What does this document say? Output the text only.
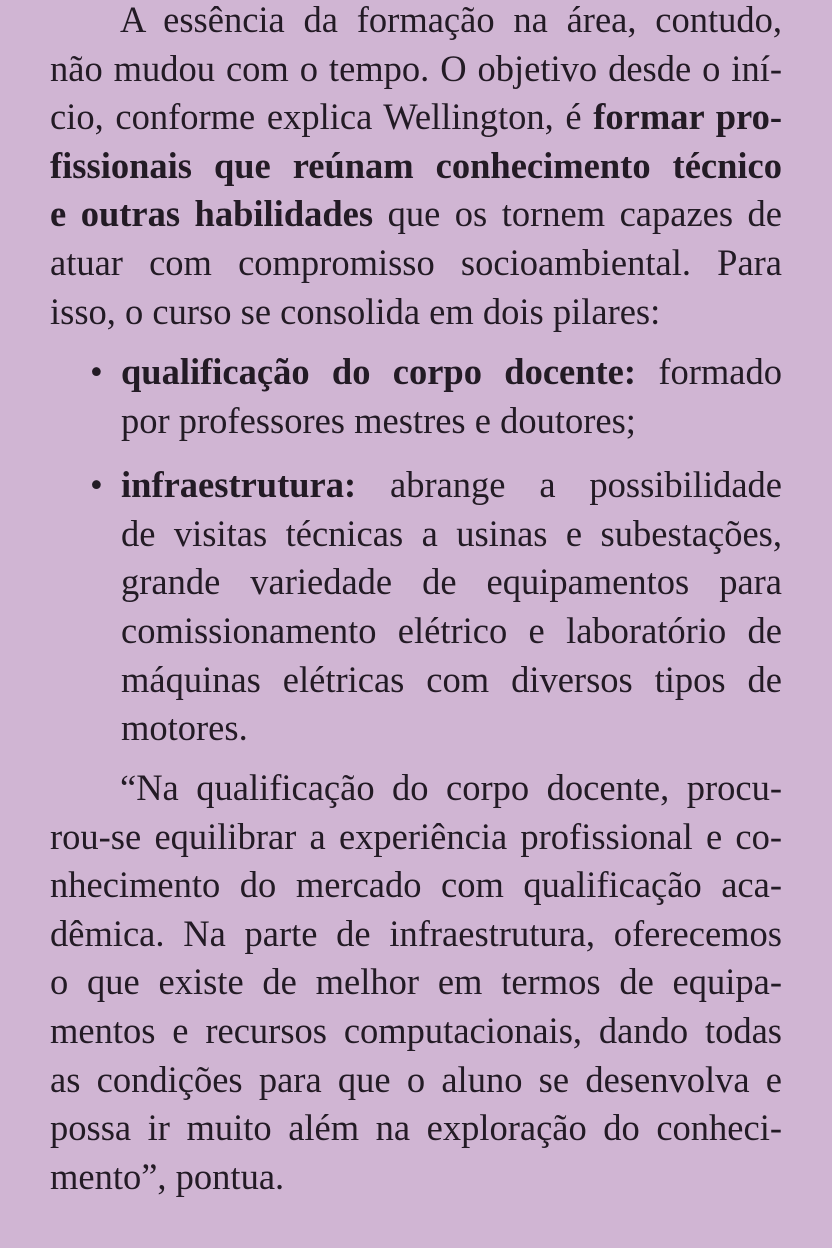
A essência da formação na área, contudo,
não mudou com o tempo. O objetivo desde o iní-
cio, conforme explica Wellington, é formar pro-
fissionais que reúnam conhecimento técnico
e outras habilidades que os tornem capazes de
atuar com compromisso socioambiental. Para
isso, o curso se consolida em dois pilares:
• qualificação do corpo docente: formado
por professores mestres e doutores;
• infraestrutura: abrange a possibilidade
de visitas técnicas a usinas e subestações,
grande variedade de equipamentos para
comissionamento elétrico e laboratório de
máquinas elétricas com diversos tipos de
motores.
“Na qualificação do corpo docente, procu-
rou-se equilibrar a experiência profissional e co-
nhecimento do mercado com qualificação aca-
dêmica. Na parte de infraestrutura, oferecemos
o que existe de melhor em termos de equipa-
mentos e recursos computacionais, dando todas
as condições para que o aluno se desenvolva e
possa ir muito além na exploração do conheci-
mento”, pontua.
